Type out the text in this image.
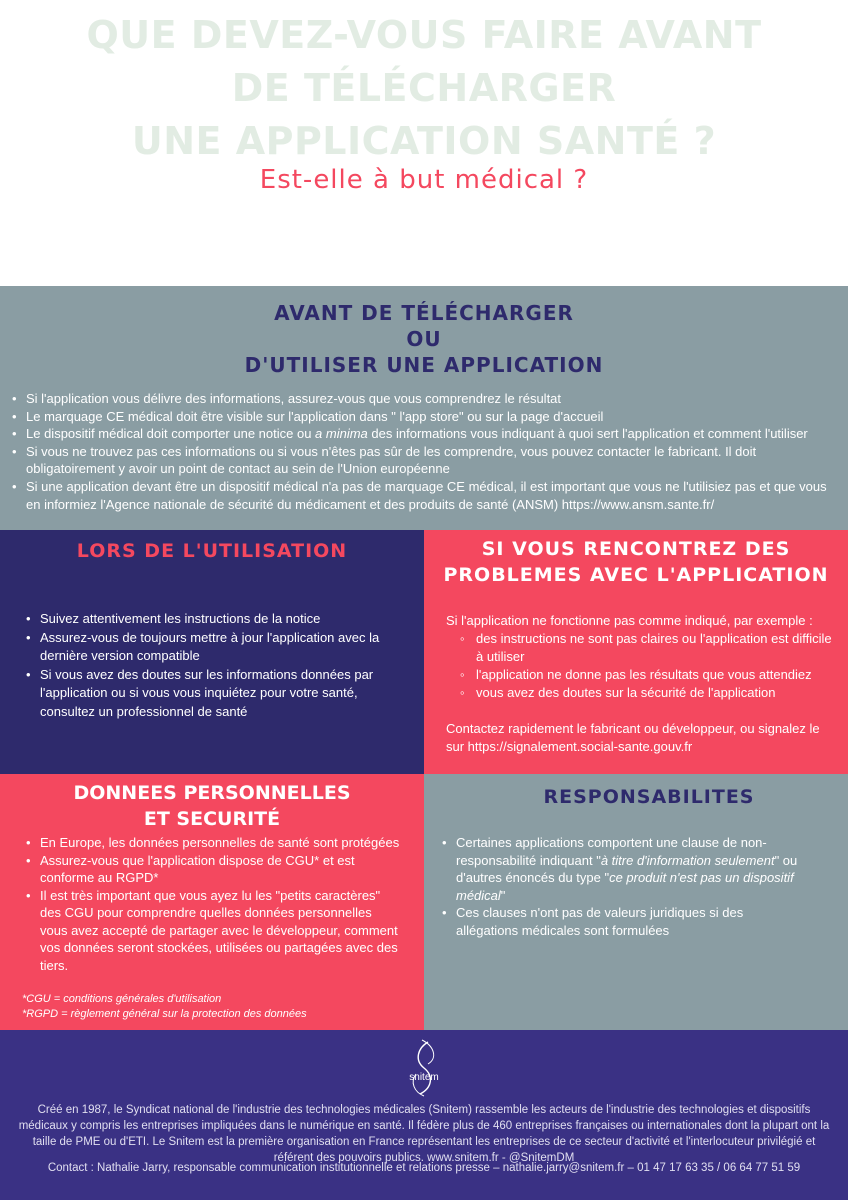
QUE DEVEZ-VOUS FAIRE AVANT
DE TÉLÉCHARGER
UNE APPLICATION SANTÉ ?
Est-elle à but médical ?
AVANT DE TÉLÉCHARGER
OU
D'UTILISER UNE APPLICATION
• Si l'application vous délivre des informations, assurez-vous que vous comprendrez le résultat
• Le marquage CE médical doit être visible sur l'application dans " l'app store" ou sur la page d'accueil
• Le dispositif médical doit comporter une notice ou a minima des informations vous indiquant à quoi sert l'application et comment l'utiliser
• Si vous ne trouvez pas ces informations ou si vous n'êtes pas sûr de les comprendre, vous pouvez contacter le fabricant. Il doit obligatoirement y avoir un point de contact au sein de l'Union européenne
• Si une application devant être un dispositif médical n'a pas de marquage CE médical, il est important que vous ne l'utilisiez pas et que vous en informiez l'Agence nationale de sécurité du médicament et des produits de santé (ANSM) https://www.ansm.sante.fr/
LORS DE L'UTILISATION
• Suivez attentivement les instructions de la notice
• Assurez-vous de toujours mettre à jour l'application avec la dernière version compatible
• Si vous avez des doutes sur les informations données par l'application ou si vous vous inquiétez pour votre santé, consultez un professionnel de santé
SI VOUS RENCONTREZ DES
PROBLEMES AVEC L'APPLICATION
Si l'application ne fonctionne pas comme indiqué, par exemple :
◦ des instructions ne sont pas claires ou l'application est difficile à utiliser
◦ l'application ne donne pas les résultats que vous attendiez
◦ vous avez des doutes sur la sécurité de l'application
Contactez rapidement le fabricant ou développeur, ou signalez le sur https://signalement.social-sante.gouv.fr
DONNEES PERSONNELLES
ET SECURITÉ
• En Europe, les données personnelles de santé sont protégées
• Assurez-vous que l'application dispose de CGU* et est conforme au RGPD*
• Il est très important que vous ayez lu les "petits caractères" des CGU pour comprendre quelles données personnelles vous avez accepté de partager avec le développeur, comment vos données seront stockées, utilisées ou partagées avec des tiers.
*CGU = conditions générales d'utilisation
*RGPD = règlement général sur la protection des données
RESPONSABILITES
• Certaines applications comportent une clause de non-responsabilité indiquant "à titre d'information seulement" ou d'autres énoncés du type "ce produit n'est pas un dispositif médical"
• Ces clauses n'ont pas de valeurs juridiques si des allégations médicales sont formulées
snitem
Créé en 1987, le Syndicat national de l'industrie des technologies médicales (Snitem) rassemble les acteurs de l'industrie des technologies et dispositifs médicaux y compris les entreprises impliquées dans le numérique en santé. Il fédère plus de 460 entreprises françaises ou internationales dont la plupart ont la taille de PME ou d'ETI. Le Snitem est la première organisation en France représentant les entreprises de ce secteur d'activité et l'interlocuteur privilégié et référent des pouvoirs publics. www.snitem.fr - @SnitemDM
Contact : Nathalie Jarry, responsable communication institutionnelle et relations presse – nathalie.jarry@snitem.fr – 01 47 17 63 35 / 06 64 77 51 59
